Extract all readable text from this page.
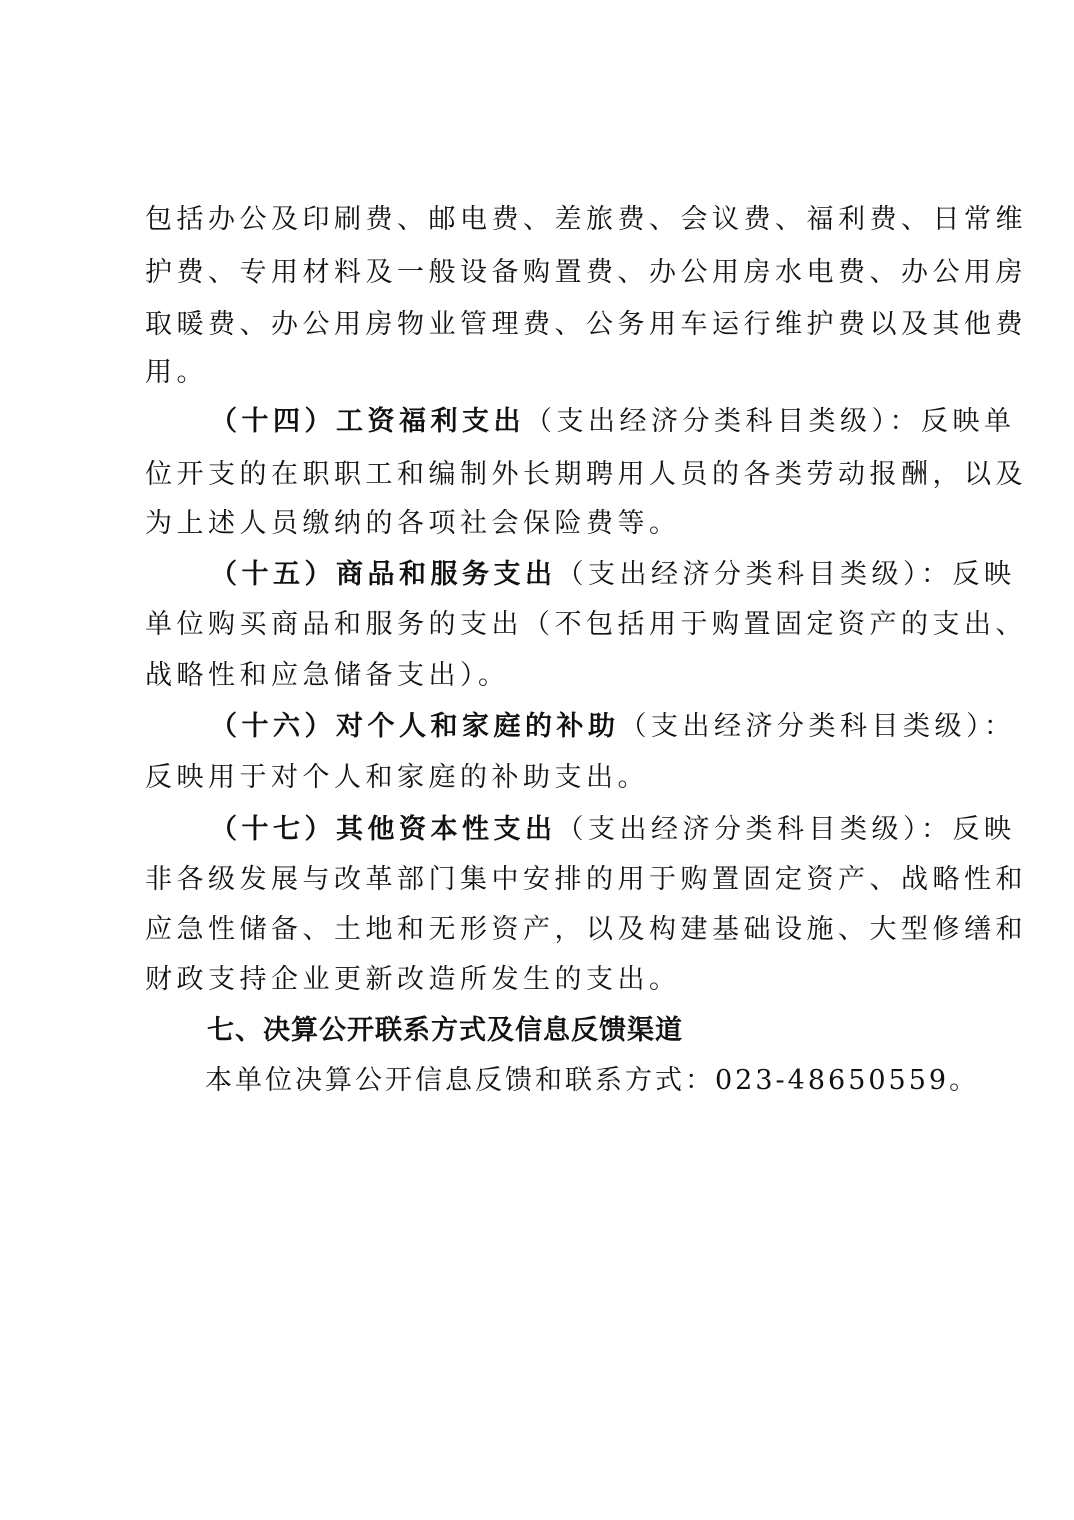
包括办公及印刷费、邮电费、差旅费、会议费、福利费、日常维
护费、专用材料及一般设备购置费、办公用房水电费、办公用房
取暖费、办公用房物业管理费、公务用车运行维护费以及其他费
用。
（十四）工资福利支出（支出经济分类科目类级）：反映单
位开支的在职职工和编制外长期聘用人员的各类劳动报酬，以及
为上述人员缴纳的各项社会保险费等。
（十五）商品和服务支出（支出经济分类科目类级）：反映
单位购买商品和服务的支出（不包括用于购置固定资产的支出、
战略性和应急储备支出）。
（十六）对个人和家庭的补助（支出经济分类科目类级）：
反映用于对个人和家庭的补助支出。
（十七）其他资本性支出（支出经济分类科目类级）：反映
非各级发展与改革部门集中安排的用于购置固定资产、战略性和
应急性储备、土地和无形资产，以及构建基础设施、大型修缮和
财政支持企业更新改造所发生的支出。
七、决算公开联系方式及信息反馈渠道
本单位决算公开信息反馈和联系方式：023-48650559。
